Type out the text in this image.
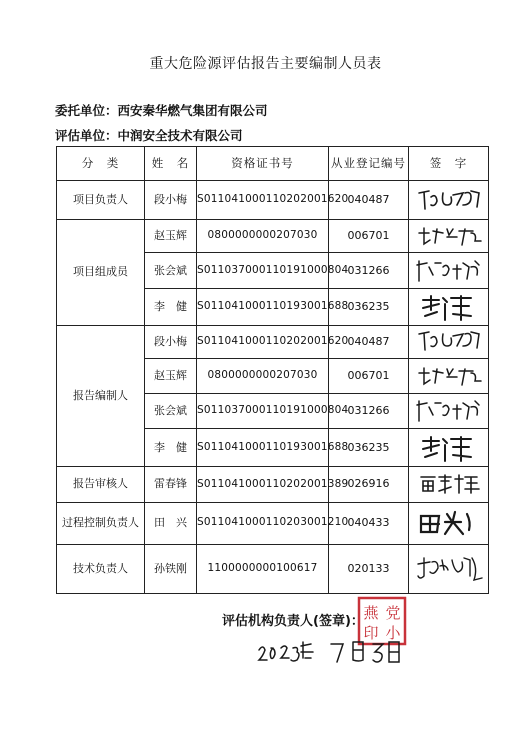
重大危险源评估报告主要编制人员表
委托单位：西安秦华燃气集团有限公司
评估单位：中润安全技术有限公司
分　类	姓　名	资格证书号	从业登记编号	签　字
项目负责人	段小梅	S011041000110202001620	040487	

项目组成员	赵玉辉	0800000000207030	006701	

	张会斌	S011037000110191000804	031266	

	李　健	S011041000110193001688	036235	

报告编制人	段小梅	S011041000110202001620	040487	

	赵玉辉	0800000000207030	006701	

	张会斌	S011037000110191000804	031266	

	李　健	S011041000110193001688	036235	

报告审核人	雷春锋	S011041000110202001389	026916	

过程控制负责人	田　兴	S011041000110203001210	040433	

技术负责人	孙铁刚	1100000000100617	020133	
评估机构负责人(签章)： 燕 党
印 小
